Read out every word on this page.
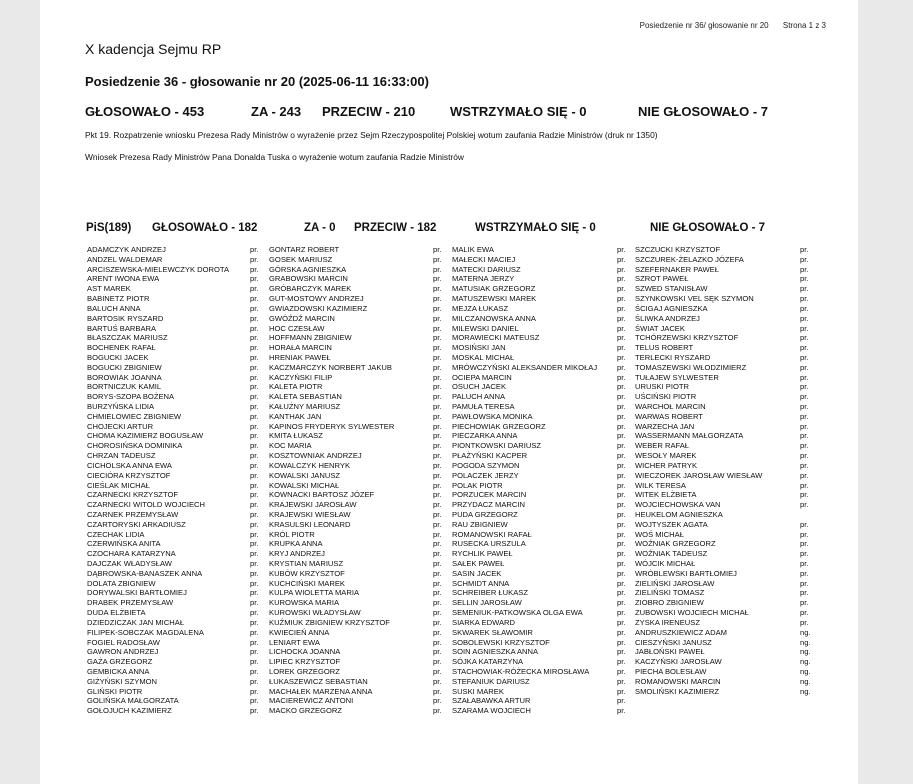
Posiedzenie nr 36/ głosowanie nr 20 Strona 1 z 3
X kadencja Sejmu RP
Posiedzenie 36 - głosowanie nr 20 (2025-06-11 16:33:00)
GŁOSOWAŁO - 453	ZA - 243 PRZECIW - 210	WSTRZYMAŁO SIĘ - 0	NIE GŁOSOWAŁO - 7
Pkt 19. Rozpatrzenie wniosku Prezesa Rady Ministrów o wyrażenie przez Sejm Rzeczypospolitej Polskiej wotum zaufania Radzie Ministrów (druk nr 1350)
Wniosek Prezesa Rady Ministrów Pana Donalda Tuska o wyrażenie wotum zaufania Radzie Ministrów
PiS(189) GŁOSOWAŁO - 182	ZA - 0 PRZECIW - 182	WSTRZYMAŁO SIĘ - 0	NIE GŁOSOWAŁO - 7
ADAMCZYK ANDRZEJ	pr.
ANDZEL WALDEMAR	pr.
ARCISZEWSKA-MIELEWCZYK DOROTA	pr.
ARENT IWONA EWA	pr.
AST MAREK	pr.
BABINETZ PIOTR	pr.
BALUCH ANNA	pr.
BARTOSIK RYSZARD	pr.
BARTUŚ BARBARA	pr.
BŁASZCZAK MARIUSZ	pr.
BOCHENEK RAFAŁ	pr.
BOGUCKI JACEK	pr.
BOGUCKI ZBIGNIEW	pr.
BOROWIAK JOANNA	pr.
BORTNICZUK KAMIL	pr.
BORYS-SZOPA BOŻENA	pr.
BURZYŃSKA LIDIA	pr.
CHMIELOWIEC ZBIGNIEW	pr.
CHOJECKI ARTUR	pr.
CHOMA KAZIMIERZ BOGUSŁAW	pr.
CHOROSIŃSKA DOMINIKA	pr.
CHRZAN TADEUSZ	pr.
CICHOLSKA ANNA EWA	pr.
CIECIÓRA KRZYSZTOF	pr.
CIEŚLAK MICHAŁ	pr.
CZARNECKI KRZYSZTOF	pr.
CZARNECKI WITOLD WOJCIECH	pr.
CZARNEK PRZEMYSŁAW	pr.
CZARTORYSKI ARKADIUSZ	pr.
CZECHAK LIDIA	pr.
CZERWIŃSKA ANITA	pr.
CZOCHARA KATARZYNA	pr.
DAJCZAK WŁADYSŁAW	pr.
DĄBROWSKA-BANASZEK ANNA	pr.
DOLATA ZBIGNIEW	pr.
DORYWALSKI BARTŁOMIEJ	pr.
DRABEK PRZEMYSŁAW	pr.
DUDA ELŻBIETA	pr.
DZIEDZICZAK JAN MICHAŁ	pr.
FILIPEK-SOBCZAK MAGDALENA	pr.
FOGIEL RADOSŁAW	pr.
GAWRON ANDRZEJ	pr.
GAŻA GRZEGORZ	pr.
GEMBICKA ANNA	pr.
GIŻYŃSKI SZYMON	pr.
GLIŃSKI PIOTR	pr.
GOLIŃSKA MAŁGORZATA	pr.
GOŁOJUCH KAZIMIERZ	pr.
GONTARZ ROBERT	pr.
GOSEK MARIUSZ	pr.
GÓRSKA AGNIESZKA	pr.
GRABOWSKI MARCIN	pr.
GRÓBARCZYK MAREK	pr.
GUT-MOSTOWY ANDRZEJ	pr.
GWIAZDOWSKI KAZIMIERZ	pr.
GWÓŹDŹ MARCIN	pr.
HOC CZESŁAW	pr.
HOFFMANN ZBIGNIEW	pr.
HORAŁA MARCIN	pr.
HRENIAK PAWEŁ	pr.
KACZMARCZYK NORBERT JAKUB	pr.
KACZYŃSKI FILIP	pr.
KALETA PIOTR	pr.
KALETA SEBASTIAN	pr.
KAŁUŻNY MARIUSZ	pr.
KANTHAK JAN	pr.
KAPINOS FRYDERYK SYLWESTER	pr.
KMITA ŁUKASZ	pr.
KOC MARIA	pr.
KOSZTOWNIAK ANDRZEJ	pr.
KOWALCZYK HENRYK	pr.
KOWALSKI JANUSZ	pr.
KOWALSKI MICHAŁ	pr.
KOWNACKI BARTOSZ JÓZEF	pr.
KRAJEWSKI JAROSŁAW	pr.
KRAJEWSKI WIESŁAW	pr.
KRASULSKI LEONARD	pr.
KRÓL PIOTR	pr.
KRUPKA ANNA	pr.
KRYJ ANDRZEJ	pr.
KRYSTIAN MARIUSZ	pr.
KUBÓW KRZYSZTOF	pr.
KUCHCIŃSKI MAREK	pr.
KULPA WIOLETTA MARIA	pr.
KUROWSKA MARIA	pr.
KUROWSKI WŁADYSŁAW	pr.
KUŹMIUK ZBIGNIEW KRZYSZTOF	pr.
KWIECIEŃ ANNA	pr.
LENIART EWA	pr.
LICHOCKA JOANNA	pr.
LIPIEC KRZYSZTOF	pr.
LOREK GRZEGORZ	pr.
ŁUKASZEWICZ SEBASTIAN	pr.
MACHAŁEK MARZENA ANNA	pr.
MACIEREWICZ ANTONI	pr.
MACKO GRZEGORZ	pr.
MALIK EWA	pr.
MAŁECKI MACIEJ	pr.
MATECKI DARIUSZ	pr.
MATERNA JERZY	pr.
MATUSIAK GRZEGORZ	pr.
MATUSZEWSKI MAREK	pr.
MEJZA ŁUKASZ	pr.
MILCZANOWSKA ANNA	pr.
MILEWSKI DANIEL	pr.
MORAWIECKI MATEUSZ	pr.
MOSIŃSKI JAN	pr.
MOSKAL MICHAŁ	pr.
MRÓWCZYŃSKI ALEKSANDER MIKOŁAJ	pr.
OCIEPA MARCIN	pr.
OSUCH JACEK	pr.
PALUCH ANNA	pr.
PAMUŁA TERESA	pr.
PAWŁOWSKA MONIKA	pr.
PIECHOWIAK GRZEGORZ	pr.
PIECZARKA ANNA	pr.
PIONTKOWSKI DARIUSZ	pr.
PŁAŻYŃSKI KACPER	pr.
POGODA SZYMON	pr.
POLACZEK JERZY	pr.
POLAK PIOTR	pr.
PORZUCEK MARCIN	pr.
PRZYDACZ MARCIN	pr.
PUDA GRZEGORZ	pr.
RAU ZBIGNIEW	pr.
ROMANOWSKI RAFAŁ	pr.
RUSECKA URSZULA	pr.
RYCHLIK PAWEŁ	pr.
SAŁEK PAWEŁ	pr.
SASIN JACEK	pr.
SCHMIDT ANNA	pr.
SCHREIBER ŁUKASZ	pr.
SELLIN JAROSŁAW	pr.
SEMENIUK-PATKOWSKA OLGA EWA	pr.
SIARKA EDWARD	pr.
SKWAREK SŁAWOMIR	pr.
SOBOLEWSKI KRZYSZTOF	pr.
SOIN AGNIESZKA ANNA	pr.
SÓJKA KATARZYNA	pr.
STACHOWIAK-RÓŻECKA MIROSŁAWA	pr.
STEFANIUK DARIUSZ	pr.
SUSKI MAREK	pr.
SZAŁABAWKA ARTUR	pr.
SZARAMA WOJCIECH	pr.
SZCZUCKI KRZYSZTOF	pr.
SZCZUREK-ŻELAZKO JÓZEFA	pr.
SZEFERNAKER PAWEŁ	pr.
SZROT PAWEŁ	pr.
SZWED STANISŁAW	pr.
SZYNKOWSKI VEL SĘK SZYMON	pr.
ŚCIGAJ AGNIESZKA	pr.
ŚLIWKA ANDRZEJ	pr.
ŚWIAT JACEK	pr.
TCHÓRZEWSKI KRZYSZTOF	pr.
TELUS ROBERT	pr.
TERLECKI RYSZARD	pr.
TOMASZEWSKI WŁODZIMIERZ	pr.
TUŁAJEW SYLWESTER	pr.
URUSKI PIOTR	pr.
UŚCIŃSKI PIOTR	pr.
WARCHOŁ MARCIN	pr.
WARWAS ROBERT	pr.
WARZECHA JAN	pr.
WASSERMANN MAŁGORZATA	pr.
WEBER RAFAŁ	pr.
WESOŁY MAREK	pr.
WICHER PATRYK	pr.
WIECZOREK JAROSŁAW WIESŁAW	pr.
WILK TERESA	pr.
WITEK ELŻBIETA	pr.
WOJCIECHOWSKA VAN	pr.
HEUKELOM AGNIESZKA
WOJTYSZEK AGATA	pr.
WOŚ MICHAŁ	pr.
WOŹNIAK GRZEGORZ	pr.
WOŹNIAK TADEUSZ	pr.
WÓJCIK MICHAŁ	pr.
WRÓBLEWSKI BARTŁOMIEJ	pr.
ZIELIŃSKI JAROSŁAW	pr.
ZIELIŃSKI TOMASZ	pr.
ZIOBRO ZBIGNIEW	pr.
ZUBOWSKI WOJCIECH MICHAŁ	pr.
ZYSKA IRENEUSZ	pr.
ANDRUSZKIEWICZ ADAM	ng.
CIESZYŃSKI JANUSZ	ng.
JABŁOŃSKI PAWEŁ	ng.
KACZYŃSKI JAROSŁAW	ng.
PIECHA BOLESŁAW	ng.
ROMANOWSKI MARCIN	ng.
SMOLIŃSKI KAZIMIERZ	ng.
